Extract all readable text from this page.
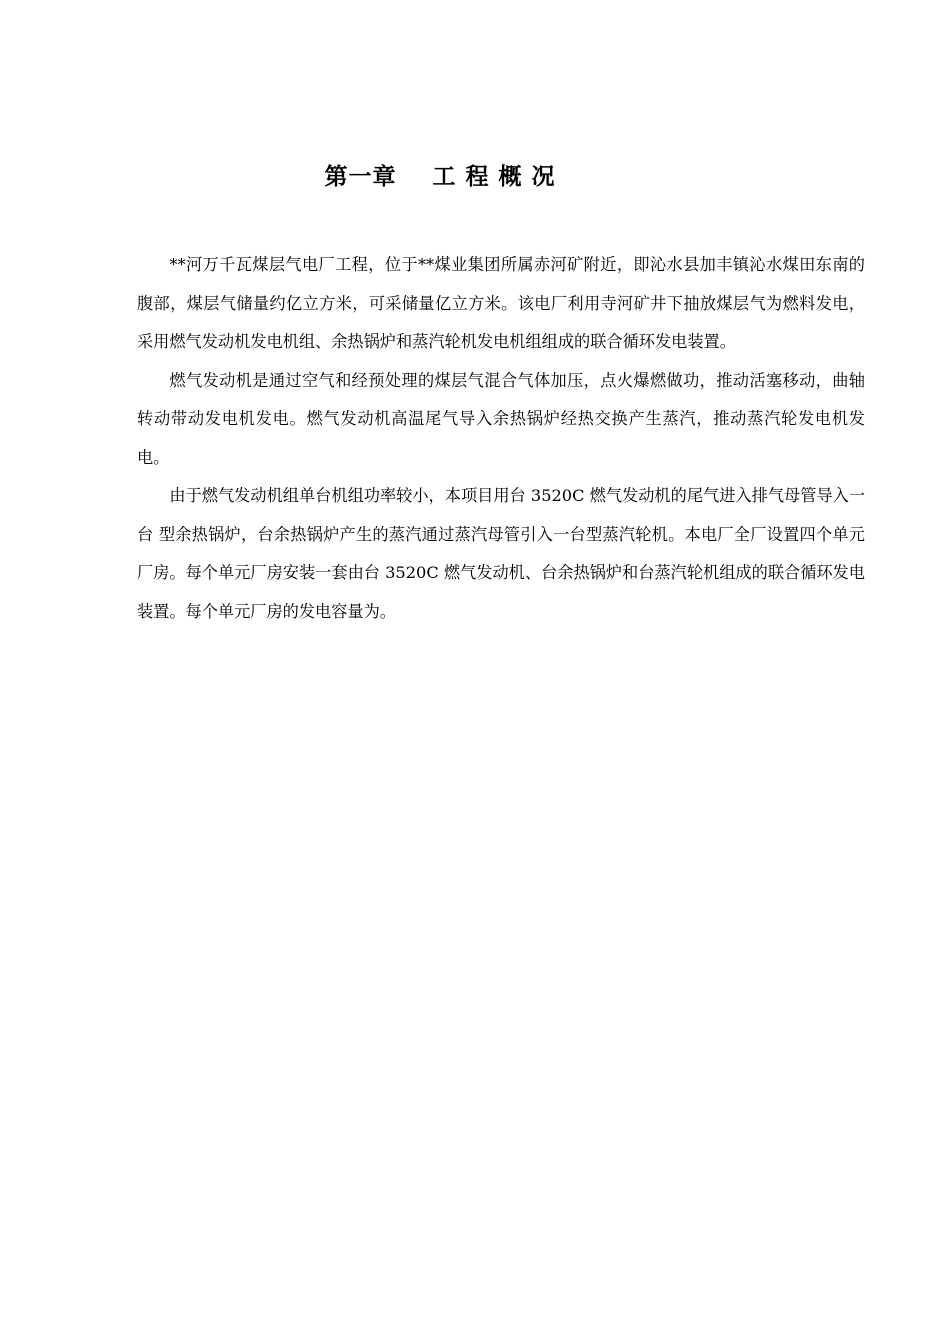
第一章    工 程 概 况

**河万千瓦煤层气电厂工程，位于**煤业集团所属赤河矿附近，即沁水县加丰镇沁水煤田东南的腹部，煤层气储量约亿立方米，可采储量亿立方米。该电厂利用寺河矿井下抽放煤层气为燃料发电，采用燃气发动机发电机组、余热锅炉和蒸汽轮机发电机组组成的联合循环发电装置。

燃气发动机是通过空气和经预处理的煤层气混合气体加压，点火爆燃做功，推动活塞移动，曲轴转动带动发电机发电。燃气发动机高温尾气导入余热锅炉经热交换产生蒸汽，推动蒸汽轮发电机发电。

由于燃气发动机组单台机组功率较小，本项目用台 3520C 燃气发动机的尾气进入排气母管导入一台 型余热锅炉，台余热锅炉产生的蒸汽通过蒸汽母管引入一台型蒸汽轮机。本电厂全厂设置四个单元厂房。每个单元厂房安装一套由台 3520C 燃气发动机、台余热锅炉和台蒸汽轮机组成的联合循环发电装置。每个单元厂房的发电容量为。
